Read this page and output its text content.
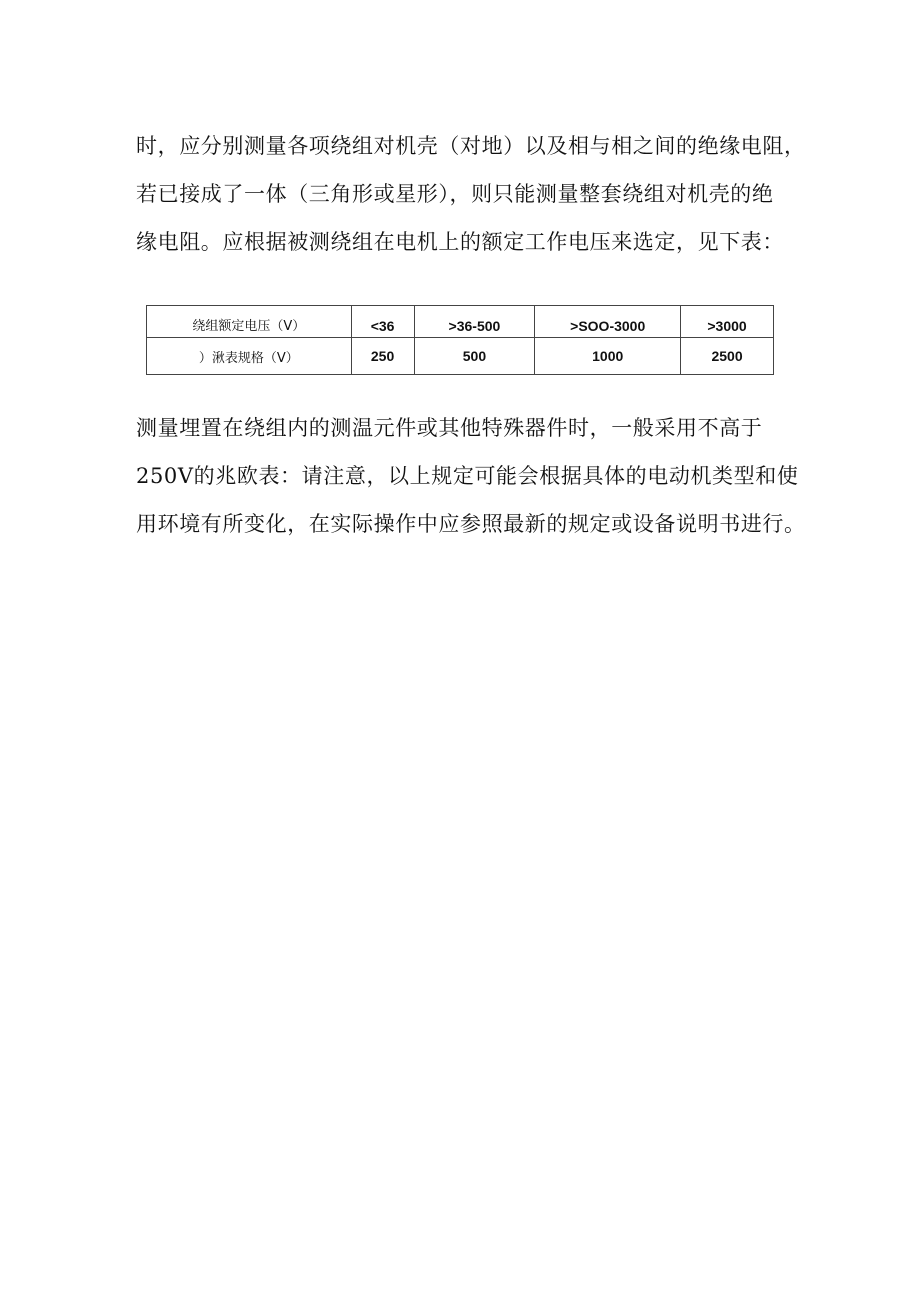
时，应分别测量各项绕组对机壳（对地）以及相与相之间的绝缘电阻，
若已接成了一体（三角形或星形），则只能测量整套绕组对机壳的绝
缘电阻。应根据被测绕组在电机上的额定工作电压来选定，见下表：
绕组额定电压（V）	<36	>36-500	>SOO-3000	>3000
）湫表规格（V）	250	500	1000	2500
测量埋置在绕组内的测温元件或其他特殊器件时，一般采用不高于
250V的兆欧表：请注意，以上规定可能会根据具体的电动机类型和使
用环境有所变化，在实际操作中应参照最新的规定或设备说明书进行。
